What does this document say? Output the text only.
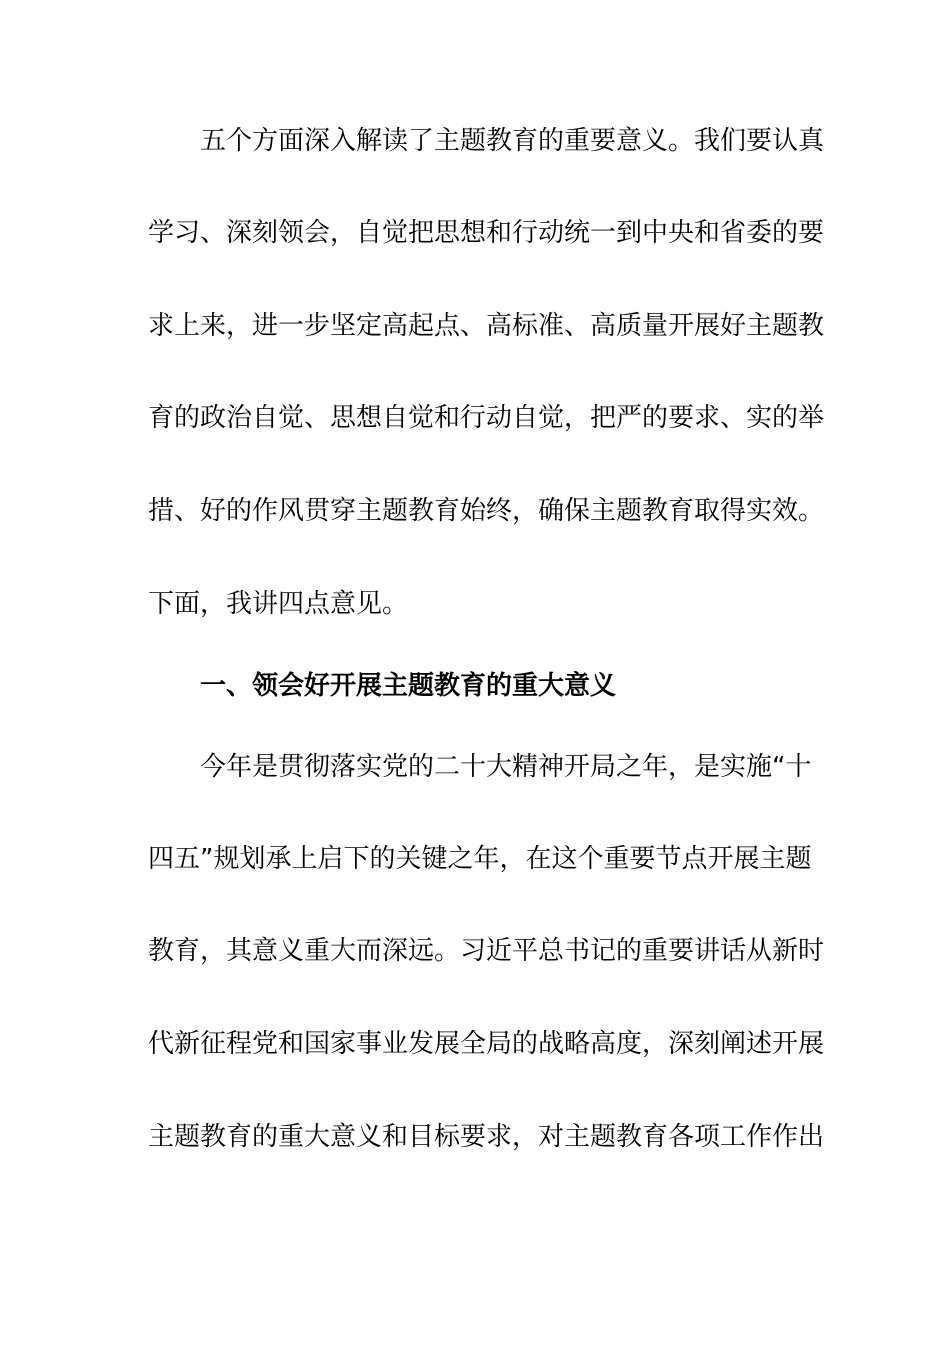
五个方面深入解读了主题教育的重要意义。我们要认真
学习、深刻领会，自觉把思想和行动统一到中央和省委的要
求上来，进一步坚定高起点、高标准、高质量开展好主题教
育的政治自觉、思想自觉和行动自觉，把严的要求、实的举
措、好的作风贯穿主题教育始终，确保主题教育取得实效。
下面，我讲四点意见。
一、领会好开展主题教育的重大意义
今年是贯彻落实党的二十大精神开局之年，是实施“十
四五”规划承上启下的关键之年，在这个重要节点开展主题
教育，其意义重大而深远。习近平总书记的重要讲话从新时
代新征程党和国家事业发展全局的战略高度，深刻阐述开展
主题教育的重大意义和目标要求，对主题教育各项工作作出
